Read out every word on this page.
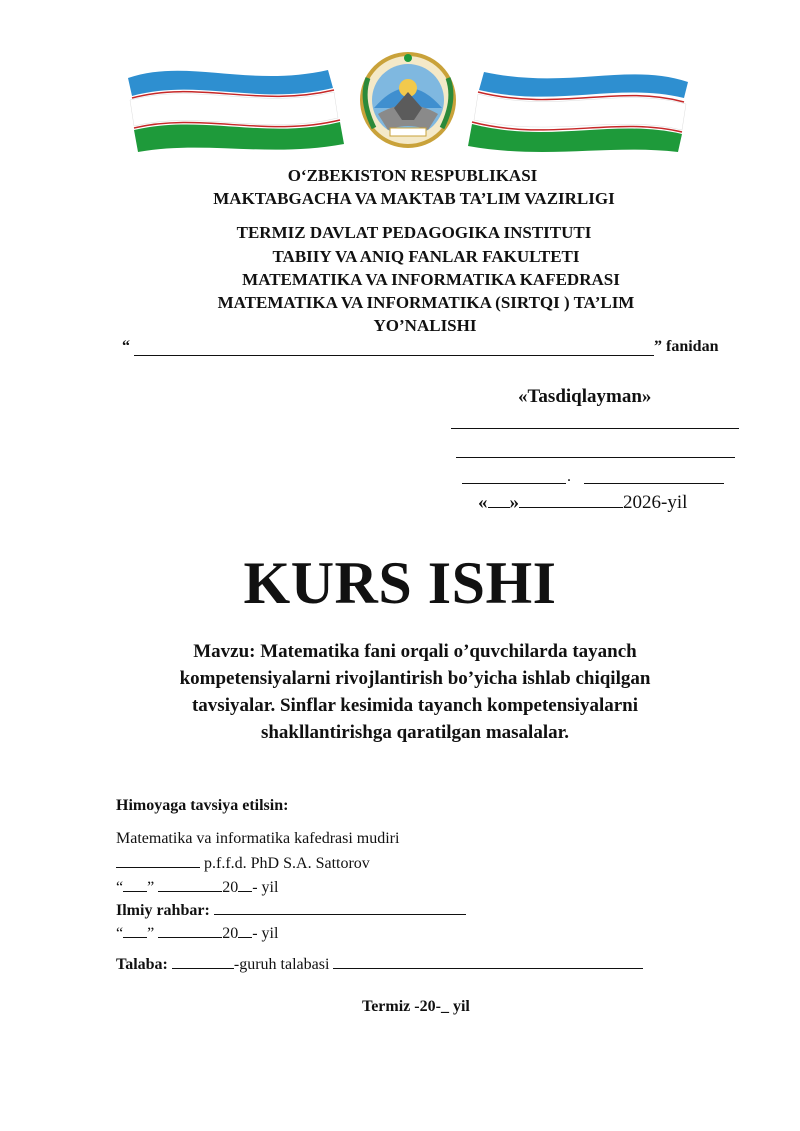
O‘ZBEKISTON RESPUBLIKASI
MAKTABGACHA VA MAKTAB TA’LIM VAZIRLIGI
TERMIZ DAVLAT PEDAGOGIKA INSTITUTI
TABIIY VA ANIQ FANLAR FAKULTETI
MATEMATIKA VA INFORMATIKA KAFEDRASI
MATEMATIKA VA INFORMATIKA (SIRTQI ) TA’LIM
YO’NALISHI
“	” fanidan
«Tasdiqlayman»
.
« »	2026-yil
KURS ISHI
Mavzu: Matematika fani orqali o’quvchilarda tayanch kompetensiyalarni rivojlantirish bo’yicha ishlab chiqilgan tavsiyalar. Sinflar kesimida tayanch kompetensiyalarni shakllantirishga qaratilgan masalalar.
Himoyaga tavsiya etilsin:
Matematika va informatika kafedrasi mudiri
p.f.f.d. PhD S.A. Sattorov
“ ”	20 - yil
Ilmiy rahbar:
“ ”	20 - yil
Talaba:	-guruh talabasi
Termiz -20-_ yil
